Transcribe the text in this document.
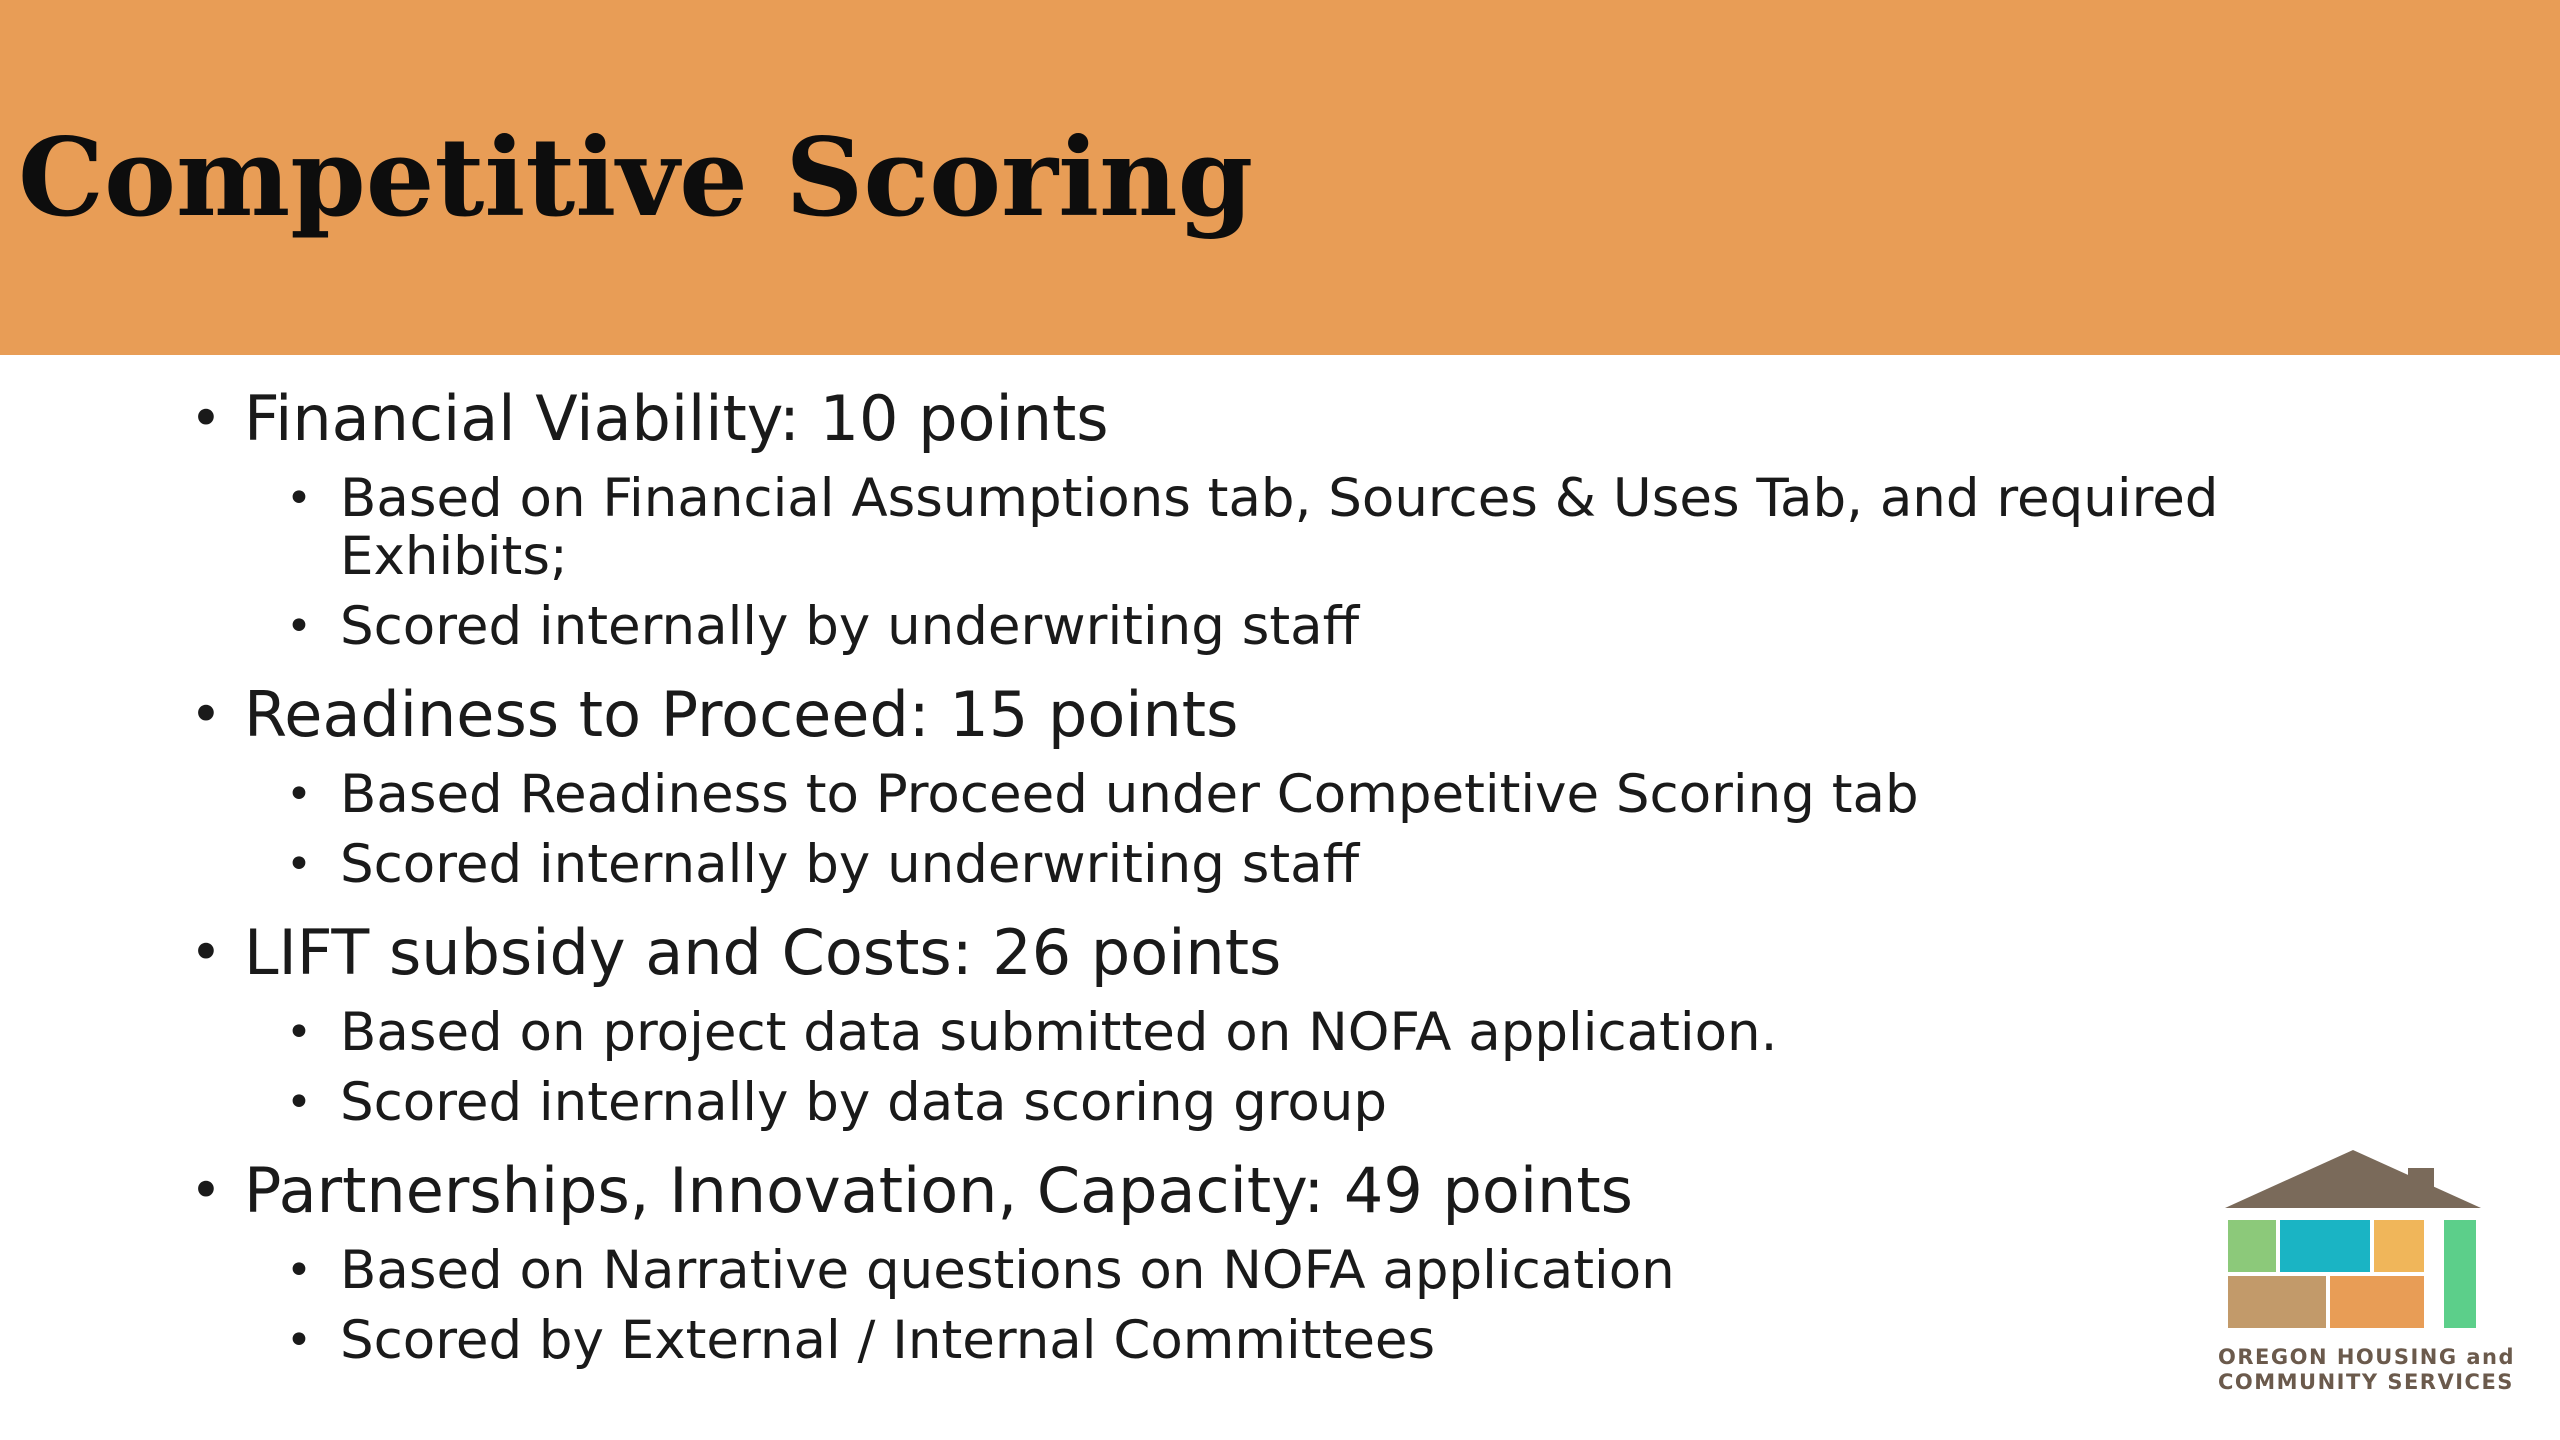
Competitive Scoring
• Financial Viability: 10 points
• Based on Financial Assumptions tab, Sources & Uses Tab, and required Exhibits;
• Scored internally by underwriting staff
• Readiness to Proceed: 15 points
• Based Readiness to Proceed under Competitive Scoring tab
• Scored internally by underwriting staff
• LIFT subsidy and Costs: 26 points
• Based on project data submitted on NOFA application.
• Scored internally by data scoring group
• Partnerships, Innovation, Capacity: 49 points
• Based on Narrative questions on NOFA application
• Scored by External / Internal Committees	OREGON HOUSING and
COMMUNITY SERVICES
